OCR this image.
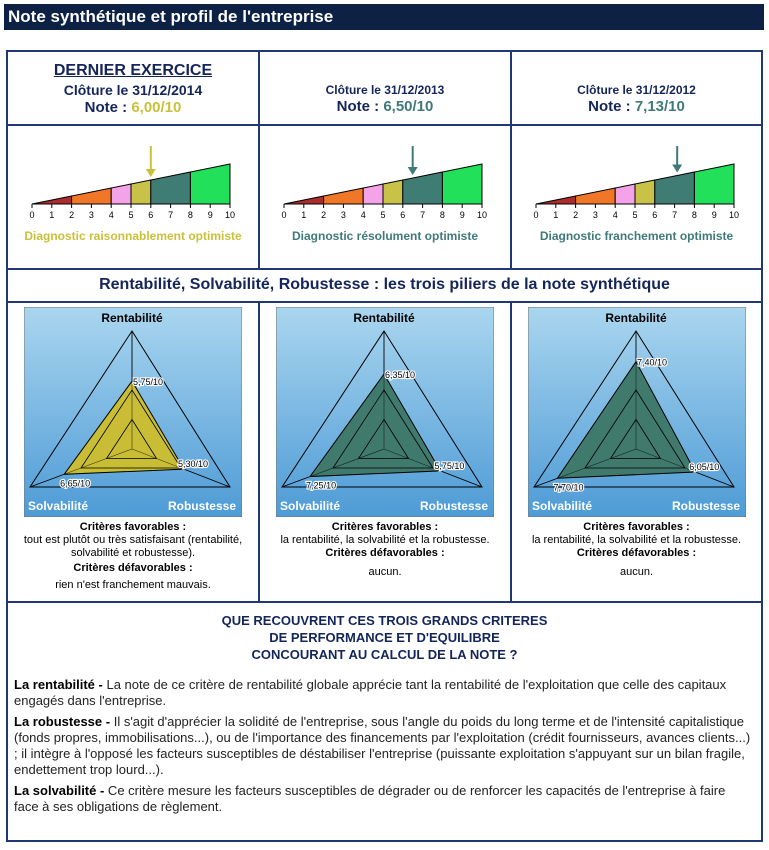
Note synthétique et profil de l'entreprise
DERNIER EXERCICE
Clôture le 31/12/2014
Note : 6,00/10
Clôture le 31/12/2013
Note : 6,50/10
Clôture le 31/12/2012
Note : 7,13/10
0 1 2 3 4 5 6 7 8 9 10
Diagnostic raisonnablement optimiste
0 1 2 3 4 5 6 7 8 9 10
Diagnostic résolument optimiste
0 1 2 3 4 5 6 7 8 9 10
Diagnostic franchement optimiste
Rentabilité, Solvabilité, Robustesse : les trois piliers de la note synthétique
5,75/10
5,30/10
6,65/10
Rentabilité
Solvabilité	Robustesse
Critères favorables :
tout est plutôt ou très satisfaisant (rentabilité, solvabilité et robustesse).
Critères défavorables :
rien n'est franchement mauvais.
6,35/10
5,75/10
7,25/10
Rentabilité
Solvabilité	Robustesse
Critères favorables :
la rentabilité, la solvabilité et la robustesse.
Critères défavorables :
aucun.
7,40/10
6,05/10
7,70/10
Rentabilité
Solvabilité	Robustesse
Critères favorables :
la rentabilité, la solvabilité et la robustesse.
Critères défavorables :
aucun.
QUE RECOUVRENT CES TROIS GRANDS CRITERES
DE PERFORMANCE ET D'EQUILIBRE
CONCOURANT AU CALCUL DE LA NOTE ?
La rentabilité - La note de ce critère de rentabilité globale apprécie tant la rentabilité de l'exploitation que celle des capitaux engagés dans l'entreprise.
La robustesse - Il s'agit d'apprécier la solidité de l'entreprise, sous l'angle du poids du long terme et de l'intensité capitalistique (fonds propres, immobilisations...), ou de l'importance des financements par l'exploitation (crédit fournisseurs, avances clients...) ; il intègre à l'opposé les facteurs susceptibles de déstabiliser l'entreprise (puissante exploitation s'appuyant sur un bilan fragile, endettement trop lourd...).
La solvabilité - Ce critère mesure les facteurs susceptibles de dégrader ou de renforcer les capacités de l'entreprise à faire face à ses obligations de règlement.
